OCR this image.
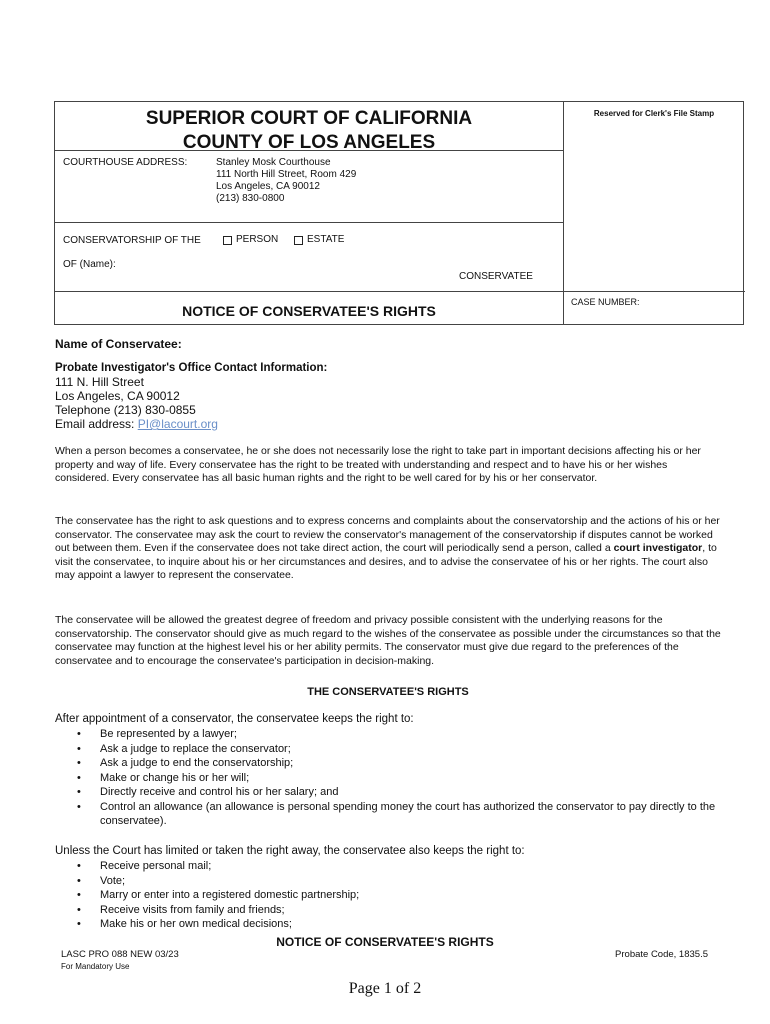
SUPERIOR COURT OF CALIFORNIA
COUNTY OF LOS ANGELES
Reserved for Clerk's File Stamp
COURTHOUSE ADDRESS:	Stanley Mosk Courthouse
111 North Hill Street, Room 429
Los Angeles, CA 90012
(213) 830-0800
CONSERVATORSHIP OF THE	PERSON	ESTATE
OF (Name):
CONSERVATEE
NOTICE OF CONSERVATEE'S RIGHTS
CASE NUMBER:
Name of Conservatee:
Probate Investigator's Office Contact Information:
111 N. Hill Street
Los Angeles, CA 90012
Telephone (213) 830-0855
Email address: PI@lacourt.org
When a person becomes a conservatee, he or she does not necessarily lose the right to take part in important decisions affecting his or her property and way of life. Every conservatee has the right to be treated with understanding and respect and to have his or her wishes considered. Every conservatee has all basic human rights and the right to be well cared for by his or her conservator.
The conservatee has the right to ask questions and to express concerns and complaints about the conservatorship and the actions of his or her conservator. The conservatee may ask the court to review the conservator's management of the conservatorship if disputes cannot be worked out between them. Even if the conservatee does not take direct action, the court will periodically send a person, called a court investigator, to visit the conservatee, to inquire about his or her circumstances and desires, and to advise the conservatee of his or her rights. The court also may appoint a lawyer to represent the conservatee.
The conservatee will be allowed the greatest degree of freedom and privacy possible consistent with the underlying reasons for the conservatorship. The conservator should give as much regard to the wishes of the conservatee as possible under the circumstances so that the conservatee may function at the highest level his or her ability permits. The conservator must give due regard to the preferences of the conservatee and to encourage the conservatee's participation in decision-making.
THE CONSERVATEE'S RIGHTS
After appointment of a conservator, the conservatee keeps the right to:
• Be represented by a lawyer;
• Ask a judge to replace the conservator;
• Ask a judge to end the conservatorship;
• Make or change his or her will;
• Directly receive and control his or her salary; and
• Control an allowance (an allowance is personal spending money the court has authorized the conservator to pay directly to the conservatee).
Unless the Court has limited or taken the right away, the conservatee also keeps the right to:
• Receive personal mail;
• Vote;
• Marry or enter into a registered domestic partnership;
• Receive visits from family and friends;
• Make his or her own medical decisions;
NOTICE OF CONSERVATEE'S RIGHTS
LASC PRO 088 NEW 03/23
For Mandatory Use
Probate Code, 1835.5
Page 1 of 2
